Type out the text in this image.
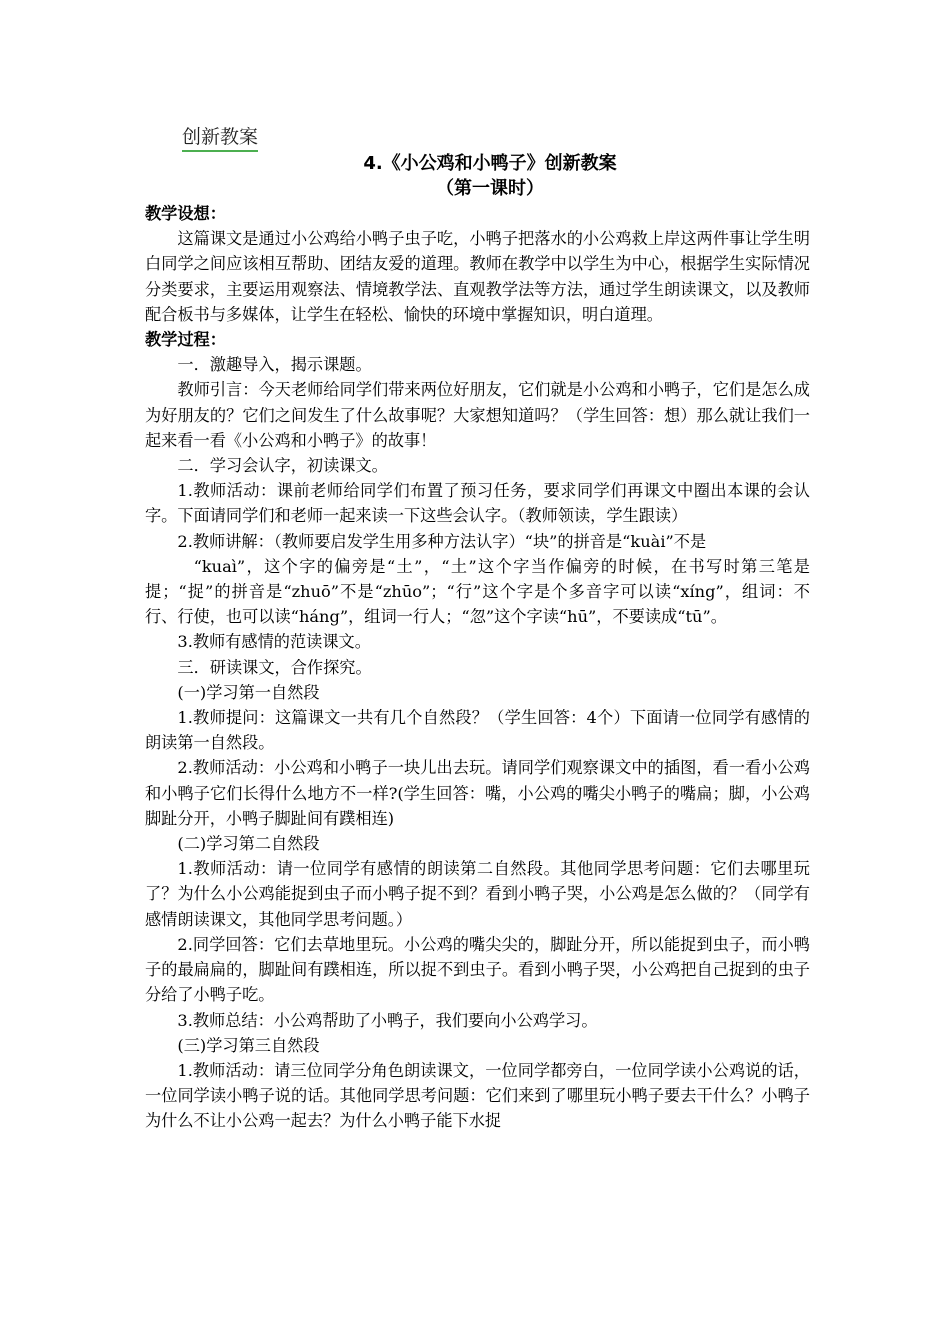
创新教案
4.《小公鸡和小鸭子》创新教案
（第一课时）

教学设想：

这篇课文是通过小公鸡给小鸭子虫子吃，小鸭子把落水的小公鸡救上岸这两件事让学生明白同学之间应该相互帮助、团结友爱的道理。教师在教学中以学生为中心，根据学生实际情况分类要求，主要运用观察法、情境教学法、直观教学法等方法，通过学生朗读课文，以及教师配合板书与多媒体，让学生在轻松、愉快的环境中掌握知识，明白道理。

教学过程：

一．激趣导入，揭示课题。

教师引言：今天老师给同学们带来两位好朋友，它们就是小公鸡和小鸭子，它们是怎么成为好朋友的？它们之间发生了什么故事呢？大家想知道吗？（学生回答：想）那么就让我们一起来看一看《小公鸡和小鸭子》的故事！

二．学习会认字，初读课文。

1.教师活动：课前老师给同学们布置了预习任务，要求同学们再课文中圈出本课的会认字。下面请同学们和老师一起来读一下这些会认字。（教师领读，学生跟读）

2.教师讲解：（教师要启发学生用多种方法认字）“块”的拼音是“kuài”不是

“kuaì”，这个字的偏旁是“土”，“土”这个字当作偏旁的时候，在书写时第三笔是提；“捉”的拼音是“zhuō”不是“zhūo”；“行”这个字是个多音字可以读“xíng”，组词：不行、行使，也可以读“háng”，组词一行人；“忽”这个字读“hū”，不要读成“tū”。

3.教师有感情的范读课文。

三．研读课文，合作探究。

(一)学习第一自然段

1.教师提问：这篇课文一共有几个自然段？（学生回答：4个）下面请一位同学有感情的朗读第一自然段。

2.教师活动：小公鸡和小鸭子一块儿出去玩。请同学们观察课文中的插图，看一看小公鸡和小鸭子它们长得什么地方不一样?(学生回答：嘴，小公鸡的嘴尖小鸭子的嘴扁；脚，小公鸡脚趾分开，小鸭子脚趾间有蹼相连)

(二)学习第二自然段

1.教师活动：请一位同学有感情的朗读第二自然段。其他同学思考问题：它们去哪里玩了？为什么小公鸡能捉到虫子而小鸭子捉不到？看到小鸭子哭，小公鸡是怎么做的？（同学有感情朗读课文，其他同学思考问题。）

2.同学回答：它们去草地里玩。小公鸡的嘴尖尖的，脚趾分开，所以能捉到虫子，而小鸭子的最扁扁的，脚趾间有蹼相连，所以捉不到虫子。看到小鸭子哭，小公鸡把自己捉到的虫子分给了小鸭子吃。

3.教师总结：小公鸡帮助了小鸭子，我们要向小公鸡学习。

(三)学习第三自然段

1.教师活动：请三位同学分角色朗读课文，一位同学都旁白，一位同学读小公鸡说的话，一位同学读小鸭子说的话。其他同学思考问题：它们来到了哪里玩小鸭子要去干什么？小鸭子为什么不让小公鸡一起去？为什么小鸭子能下水捉
